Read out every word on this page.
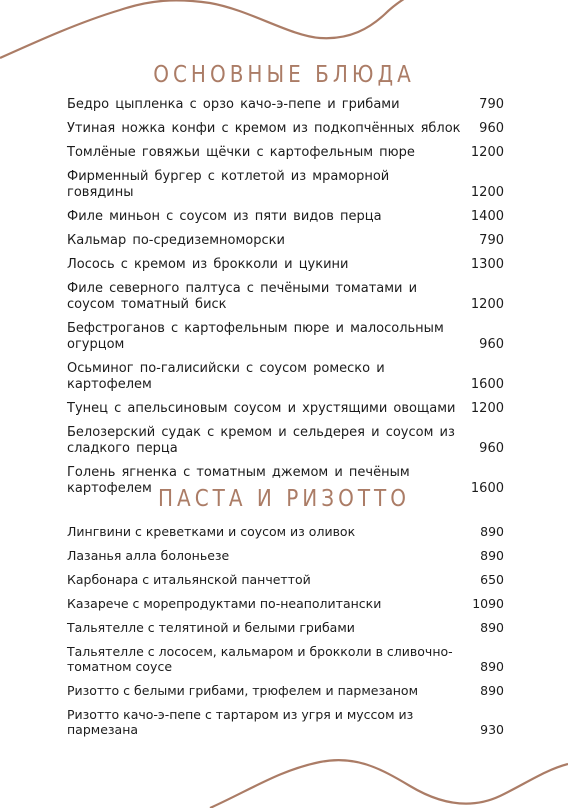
ОСНОВНЫЕ БЛЮДА
Бедро цыпленка с орзо качо-э-пепе и грибами	790
Утиная ножка конфи с кремом из подкопчённых яблок	960
Томлёные говяжьи щёчки с картофельным пюре	1200
Фирменный бургер с котлетой из мраморной говядины	1200
Филе миньон с соусом из пяти видов перца	1400
Кальмар по-средиземноморски	790
Лосось с кремом из брокколи и цукини	1300
Филе северного палтуса с печёными томатами и соусом томатный биск	1200
Бефстроганов с картофельным пюре и малосольным огурцом	960
Осьминог по-галисийски с соусом ромеско и картофелем	1600
Тунец с апельсиновым соусом и хрустящими овощами	1200
Белозерский судак с кремом и сельдерея и соусом из сладкого перца	960
Голень ягненка с томатным джемом и печёным картофелем	1600
ПАСТА И РИЗОТТО
Лингвини с креветками и соусом из оливок	890
Лазанья алла болоньезе	890
Карбонара с итальянской панчеттой	650
Казарече с морепродуктами по-неаполитански	1090
Тальятелле с телятиной и белыми грибами	890
Тальятелле с лососем, кальмаром и брокколи в сливочно-томатном соусе	890
Ризотто с белыми грибами, трюфелем и пармезаном	890
Ризотто качо-э-пепе с тартаром из угря и муссом из пармезана	930
